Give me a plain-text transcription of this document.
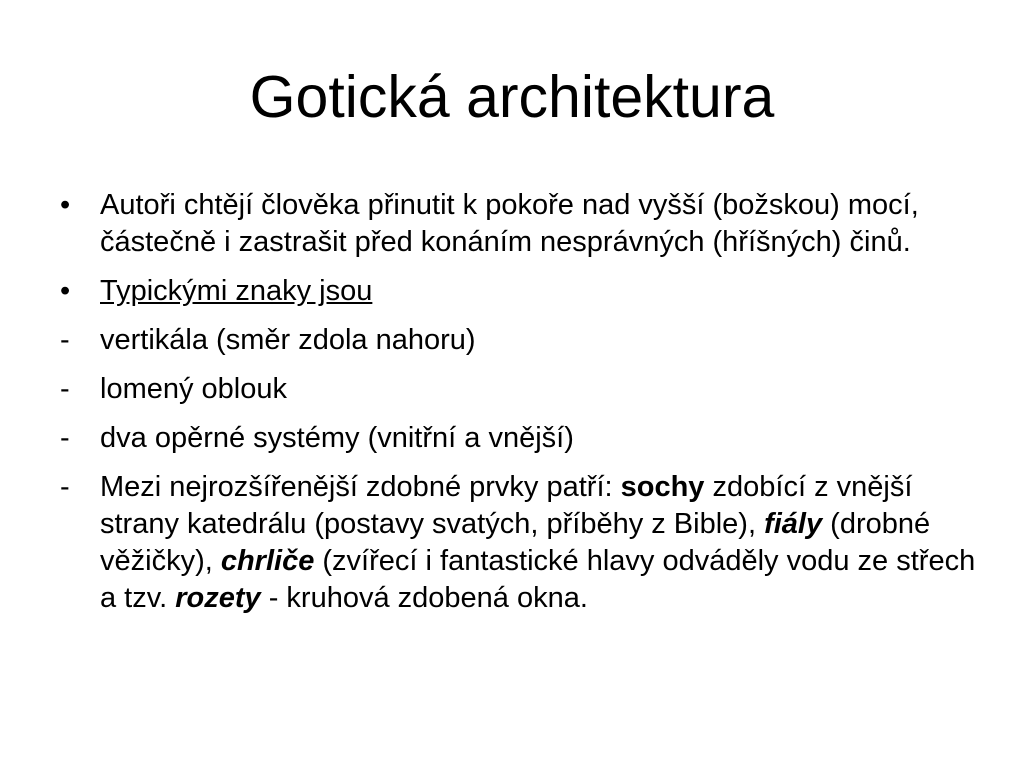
Gotická architektura
•	Autoři chtějí člověka přinutit k pokoře nad vyšší (božskou) mocí, částečně i zastrašit před konáním nesprávných (hříšných) činů.
•	Typickými znaky jsou
-	vertikála (směr zdola nahoru)
-	lomený oblouk
-	dva opěrné systémy (vnitřní a vnější)
-	Mezi nejrozšířenější zdobné prvky patří: sochy zdobící z vnější strany katedrálu (postavy svatých, příběhy z Bible), fiály (drobné věžičky), chrliče (zvířecí i fantastické hlavy odváděly vodu ze střech a tzv. rozety - kruhová zdobená okna.
